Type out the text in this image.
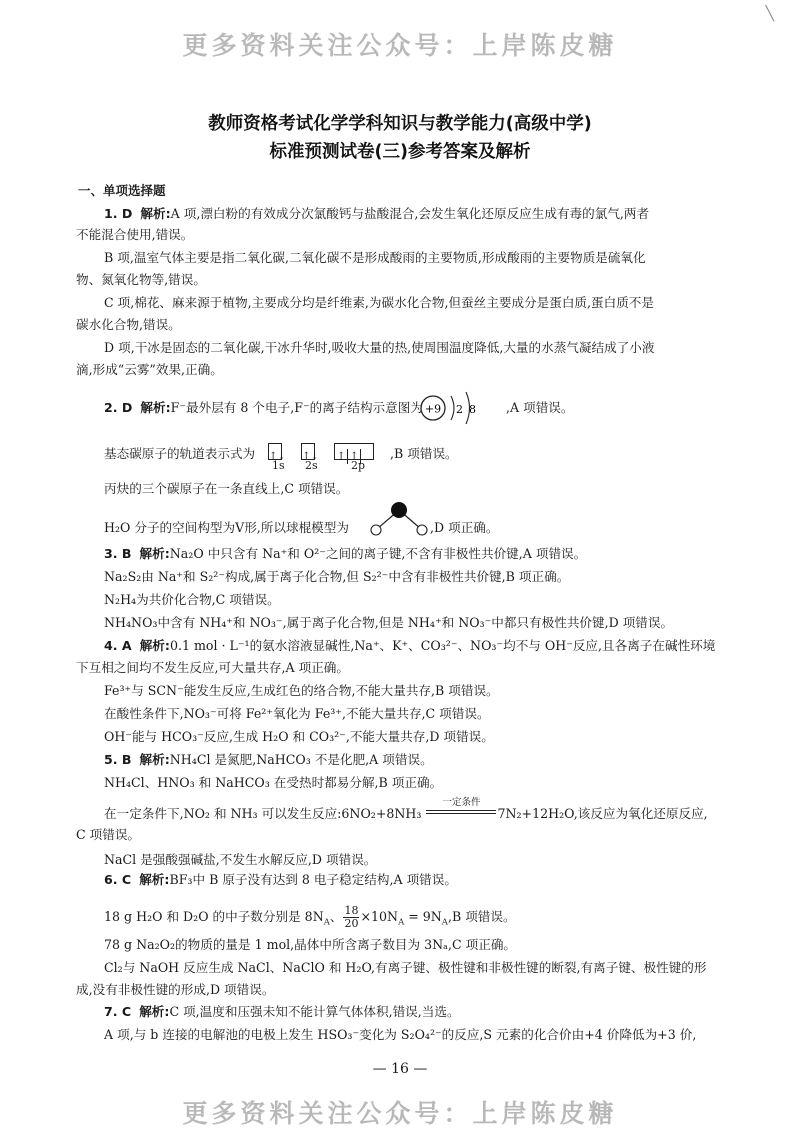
更多资料关注公众号：上岸陈皮糖
╲
教师资格考试化学学科知识与教学能力(高级中学)
标准预测试卷(三)参考答案及解析
一、单项选择题
1. D 解析:A 项,漂白粉的有效成分次氯酸钙与盐酸混合,会发生氧化还原反应生成有毒的氯气,两者
不能混合使用,错误。
B 项,温室气体主要是指二氧化碳,二氧化碳不是形成酸雨的主要物质,形成酸雨的主要物质是硫氧化
物、氮氧化物等,错误。
C 项,棉花、麻来源于植物,主要成分均是纤维素,为碳水化合物,但蚕丝主要成分是蛋白质,蛋白质不是
碳水化合物,错误。
D 项,干冰是固态的二氧化碳,干冰升华时,吸收大量的热,使周围温度降低,大量的水蒸气凝结成了小液
滴,形成“云雾”效果,正确。
2. D 解析:F⁻最外层有 8 个电子,F⁻的离子结构示意图为 +9 2 8 ,A 项错误。
基态碳原子的轨道表示式为 ↑↓ ↑↓ ↑ ↑
1s 2s	2p
,B 项错误。
丙炔的三个碳原子在一条直线上,C 项错误。
H₂O 分子的空间构型为V形,所以球棍模型为	,D 项正确。
3. B 解析:Na₂O 中只含有 Na⁺和 O²⁻之间的离子键,不含有非极性共价键,A 项错误。
Na₂S₂由 Na⁺和 S₂²⁻构成,属于离子化合物,但 S₂²⁻中含有非极性共价键,B 项正确。
N₂H₄为共价化合物,C 项错误。
NH₄NO₃中含有 NH₄⁺和 NO₃⁻,属于离子化合物,但是 NH₄⁺和 NO₃⁻中都只有极性共价键,D 项错误。
4. A 解析:0.1 mol · L⁻¹的氨水溶液显碱性,Na⁺、K⁺、CO₃²⁻、NO₃⁻均不与 OH⁻反应,且各离子在碱性环境
下互相之间均不发生反应,可大量共存,A 项正确。
Fe³⁺与 SCN⁻能发生反应,生成红色的络合物,不能大量共存,B 项错误。
在酸性条件下,NO₃⁻可将 Fe²⁺氧化为 Fe³⁺,不能大量共存,C 项错误。
OH⁻能与 HCO₃⁻反应,生成 H₂O 和 CO₃²⁻,不能大量共存,D 项错误。
5. B 解析:NH₄Cl 是氮肥,NaHCO₃ 不是化肥,A 项错误。
NH₄Cl、HNO₃ 和 NaHCO₃ 在受热时都易分解,B 项正确。
在一定条件下,NO₂ 和 NH₃ 可以发生反应:6NO₂+8NH₃
一定条件
7N₂+12H₂O,该反应为氧化还原反应,
C 项错误。
NaCl 是强酸强碱盐,不发生水解反应,D 项错误。
6. C 解析:BF₃中 B 原子没有达到 8 电子稳定结构,A 项错误。
18 g H₂O 和 D₂O 的中子数分别是 $8N_A$、 $\frac{18}{20} \times 10N_A = 9N_A,B$ 项错误。
78 g Na₂O₂的物质的量是 1 mol,晶体中所含离子数目为 3Nₐ,C 项正确。
Cl₂与 NaOH 反应生成 NaCl、NaClO 和 H₂O,有离子键、极性键和非极性键的断裂,有离子键、极性键的形
成,没有非极性键的形成,D 项错误。
7. C 解析:C 项,温度和压强未知不能计算气体体积,错误,当选。
A 项,与 b 连接的电解池的电极上发生 HSO₃⁻变化为 S₂O₄²⁻的反应,S 元素的化合价由+4 价降低为+3 价,
— 16 —
更多资料关注公众号：上岸陈皮糖
